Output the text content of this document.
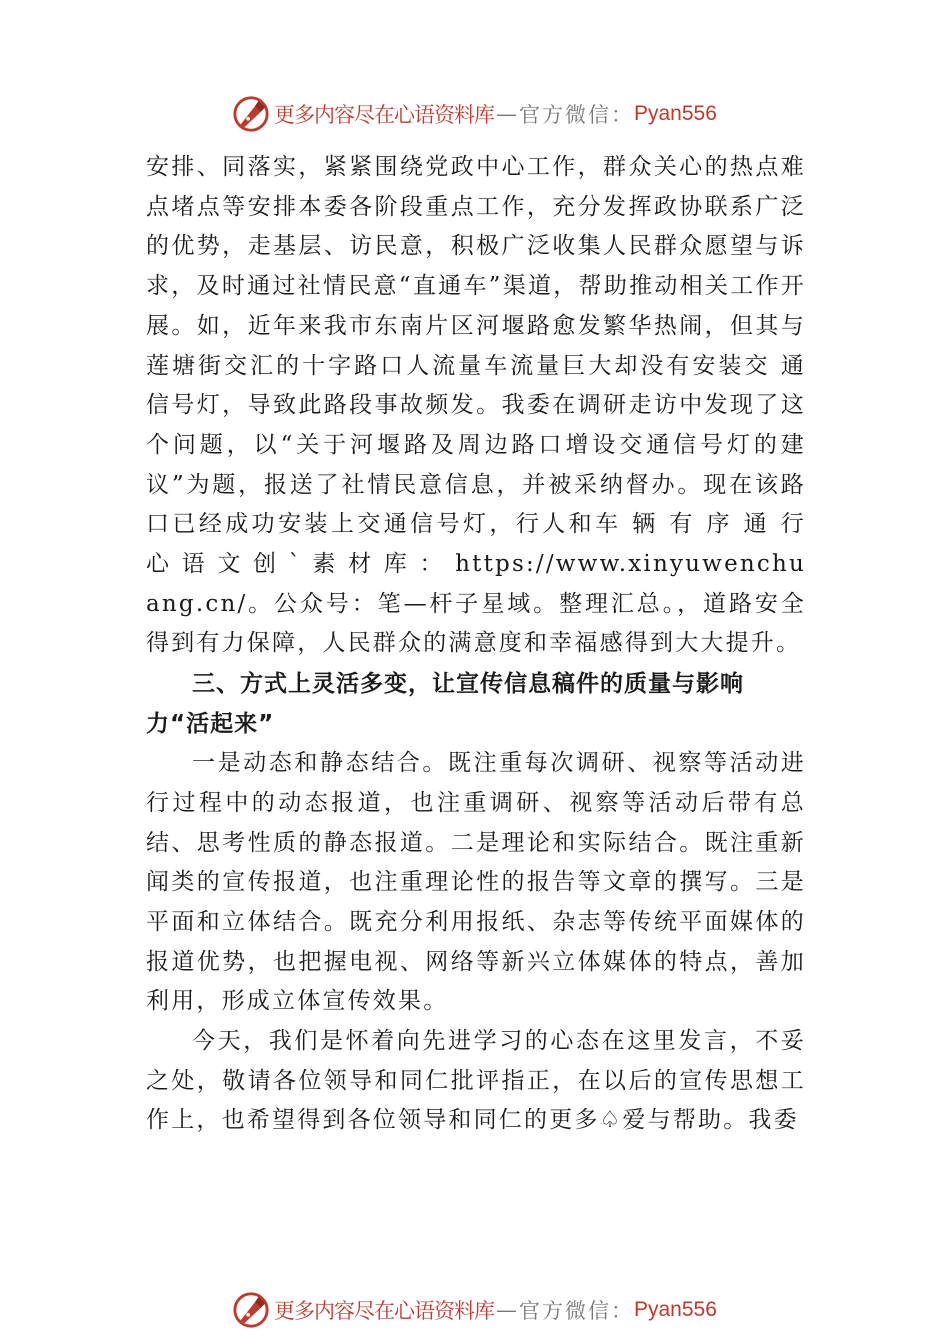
更多内容尽在心语资料库 — 官方微信： Pyan556

安排、同落实，紧紧围绕党政中心工作，群众关心的热点难点堵点等安排本委各阶段重点工作，充分发挥政协联系广泛的优势，走基层、访民意，积极广泛收集人民群众愿望与诉求，及时通过社情民意“直通车”渠道，帮助推动相关工作开展。如，近年来我市东南片区河堰路愈发繁华热闹，但其与莲塘街交汇的十字路口人流量车流量巨大却没有安装交 通信号灯，导致此路段事故频发。我委在调研走访中发现了这个问题，以“关于河堰路及周边路口增设交通信号灯的建议”为题，报送了社情民意信息，并被采纳督办。现在该路口已经成功安装上交通信号灯，行人和车 辆 有 序 通 行 心 语 文 创 ` 素 材 库 ： https://www.xinyuwenchuang.cn/。公众号：笔—杆子星域。整理汇总。，道路安全得到有力保障，人民群众的满意度和幸福感得到大大提升。

三、方式上灵活多变，让宣传信息稿件的质量与影响力“活起来”

一是动态和静态结合。既注重每次调研、视察等活动进行过程中的动态报道，也注重调研、视察等活动后带有总结、思考性质的静态报道。二是理论和实际结合。既注重新闻类的宣传报道，也注重理论性的报告等文章的撰写。三是平面和立体结合。既充分利用报纸、杂志等传统平面媒体的报道优势，也把握电视、网络等新兴立体媒体的特点，善加利用，形成立体宣传效果。

今天，我们是怀着向先进学习的心态在这里发言，不妥之处，敬请各位领导和同仁批评指正，在以后的宣传思想工作上，也希望得到各位领导和同仁的更多♤爱与帮助。我委

更多内容尽在心语资料库 — 官方微信： Pyan556
